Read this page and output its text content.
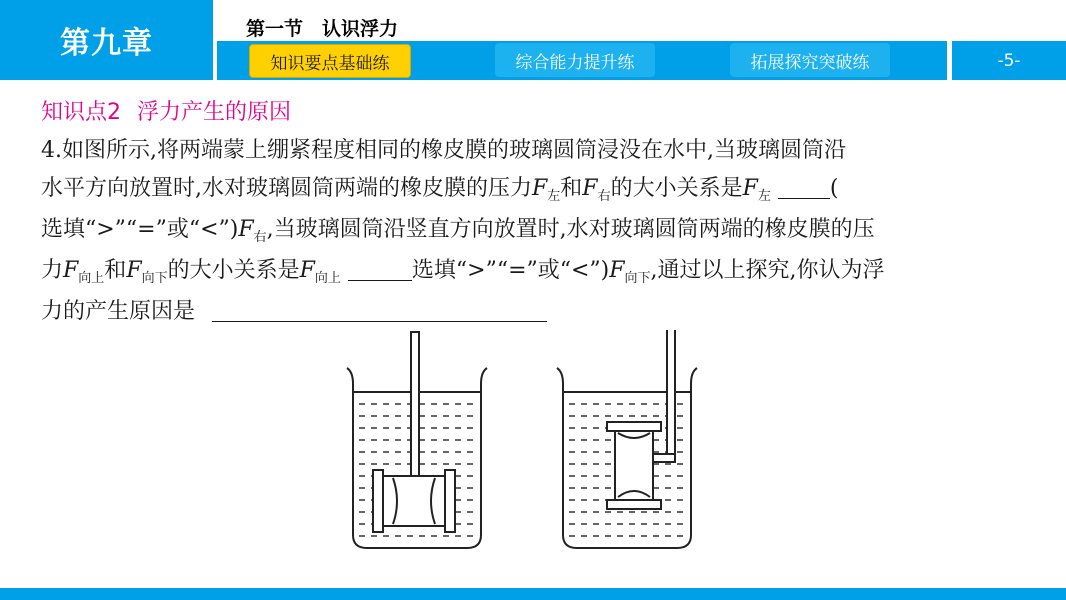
第九章	第一节　认识浮力
知识要点基础练	综合能力提升练	拓展探究突破练	-5-
知识点2 浮力产生的原因
4.如图所示,将两端蒙上绷紧程度相同的橡皮膜的玻璃圆筒浸没在水中,当玻璃圆筒沿
水平方向放置时,水对玻璃圆筒两端的橡皮膜的压力$F_左$和$F_右$的大小关系是$F_左$	(
选填“>”“=”或“$<”)F_右$,当玻璃圆筒沿竖直方向放置时,水对玻璃圆筒两端的橡皮膜的压
力$F_{向上}$和$F_{向下}$的大小关系是$F_{向上}$	选填“>”“=”或“$<”)F_{向下}$,通过以上探究,你认为浮
力的产生原因是
